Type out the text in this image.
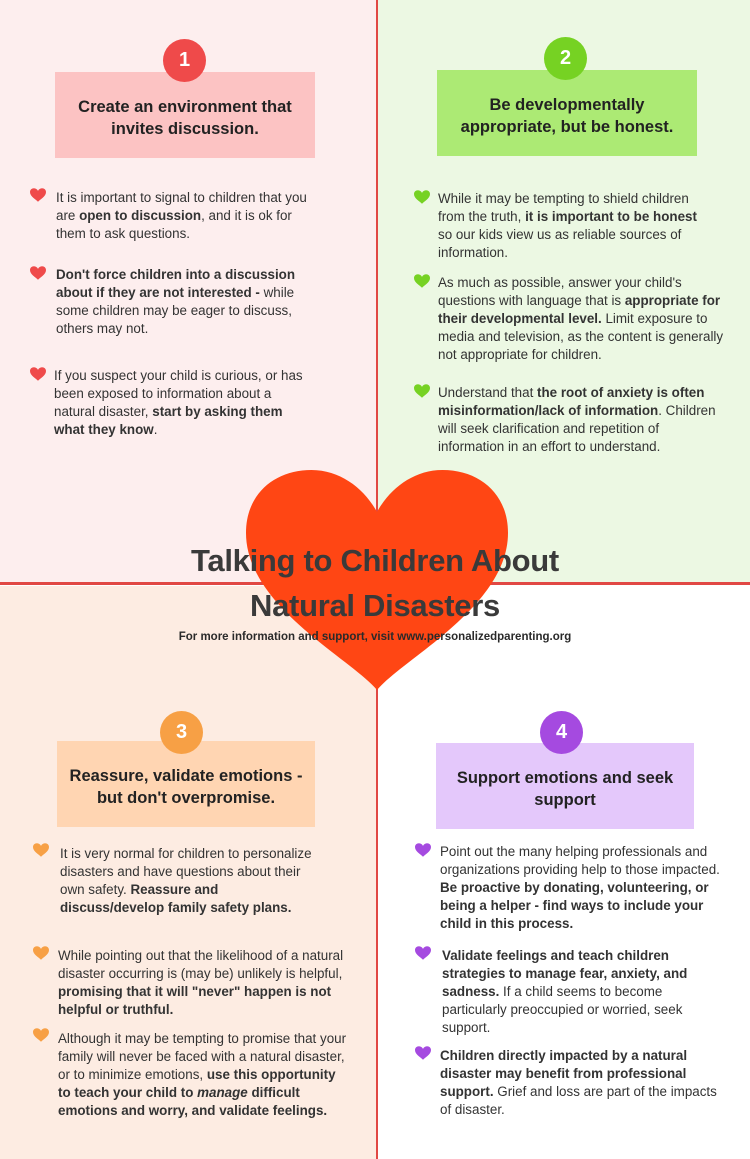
1
Create an environment that invites discussion.
It is important to signal to children that you are open to discussion, and it is ok for them to ask questions.
Don't force children into a discussion about if they are not interested - while some children may be eager to discuss, others may not.
If you suspect your child is curious, or has been exposed to information about a natural disaster, start by asking them what they know.
2
Be developmentally appropriate, but be honest.
While it may be tempting to shield children from the truth, it is important to be honest so our kids view us as reliable sources of information.
As much as possible, answer your child's questions with language that is appropriate for their developmental level. Limit exposure to media and television, as the content is generally not appropriate for children.
Understand that the root of anxiety is often misinformation/lack of information. Children will seek clarification and repetition of information in an effort to understand.
Talking to Children About
Natural Disasters
For more information and support, visit www.personalizedparenting.org
3
Reassure, validate emotions - but don't overpromise.
It is very normal for children to personalize disasters and have questions about their own safety. Reassure and discuss/develop family safety plans.
While pointing out that the likelihood of a natural disaster occurring is (may be) unlikely is helpful, promising that it will "never" happen is not helpful or truthful.
Although it may be tempting to promise that your family will never be faced with a natural disaster, or to minimize emotions, use this opportunity to teach your child to manage difficult emotions and worry, and validate feelings.
4
Support emotions and seek support
Point out the many helping professionals and organizations providing help to those impacted. Be proactive by donating, volunteering, or being a helper - find ways to include your child in this process.
Validate feelings and teach children strategies to manage fear, anxiety, and sadness. If a child seems to become particularly preoccupied or worried, seek support.
Children directly impacted by a natural disaster may benefit from professional support. Grief and loss are part of the impacts of disaster.
